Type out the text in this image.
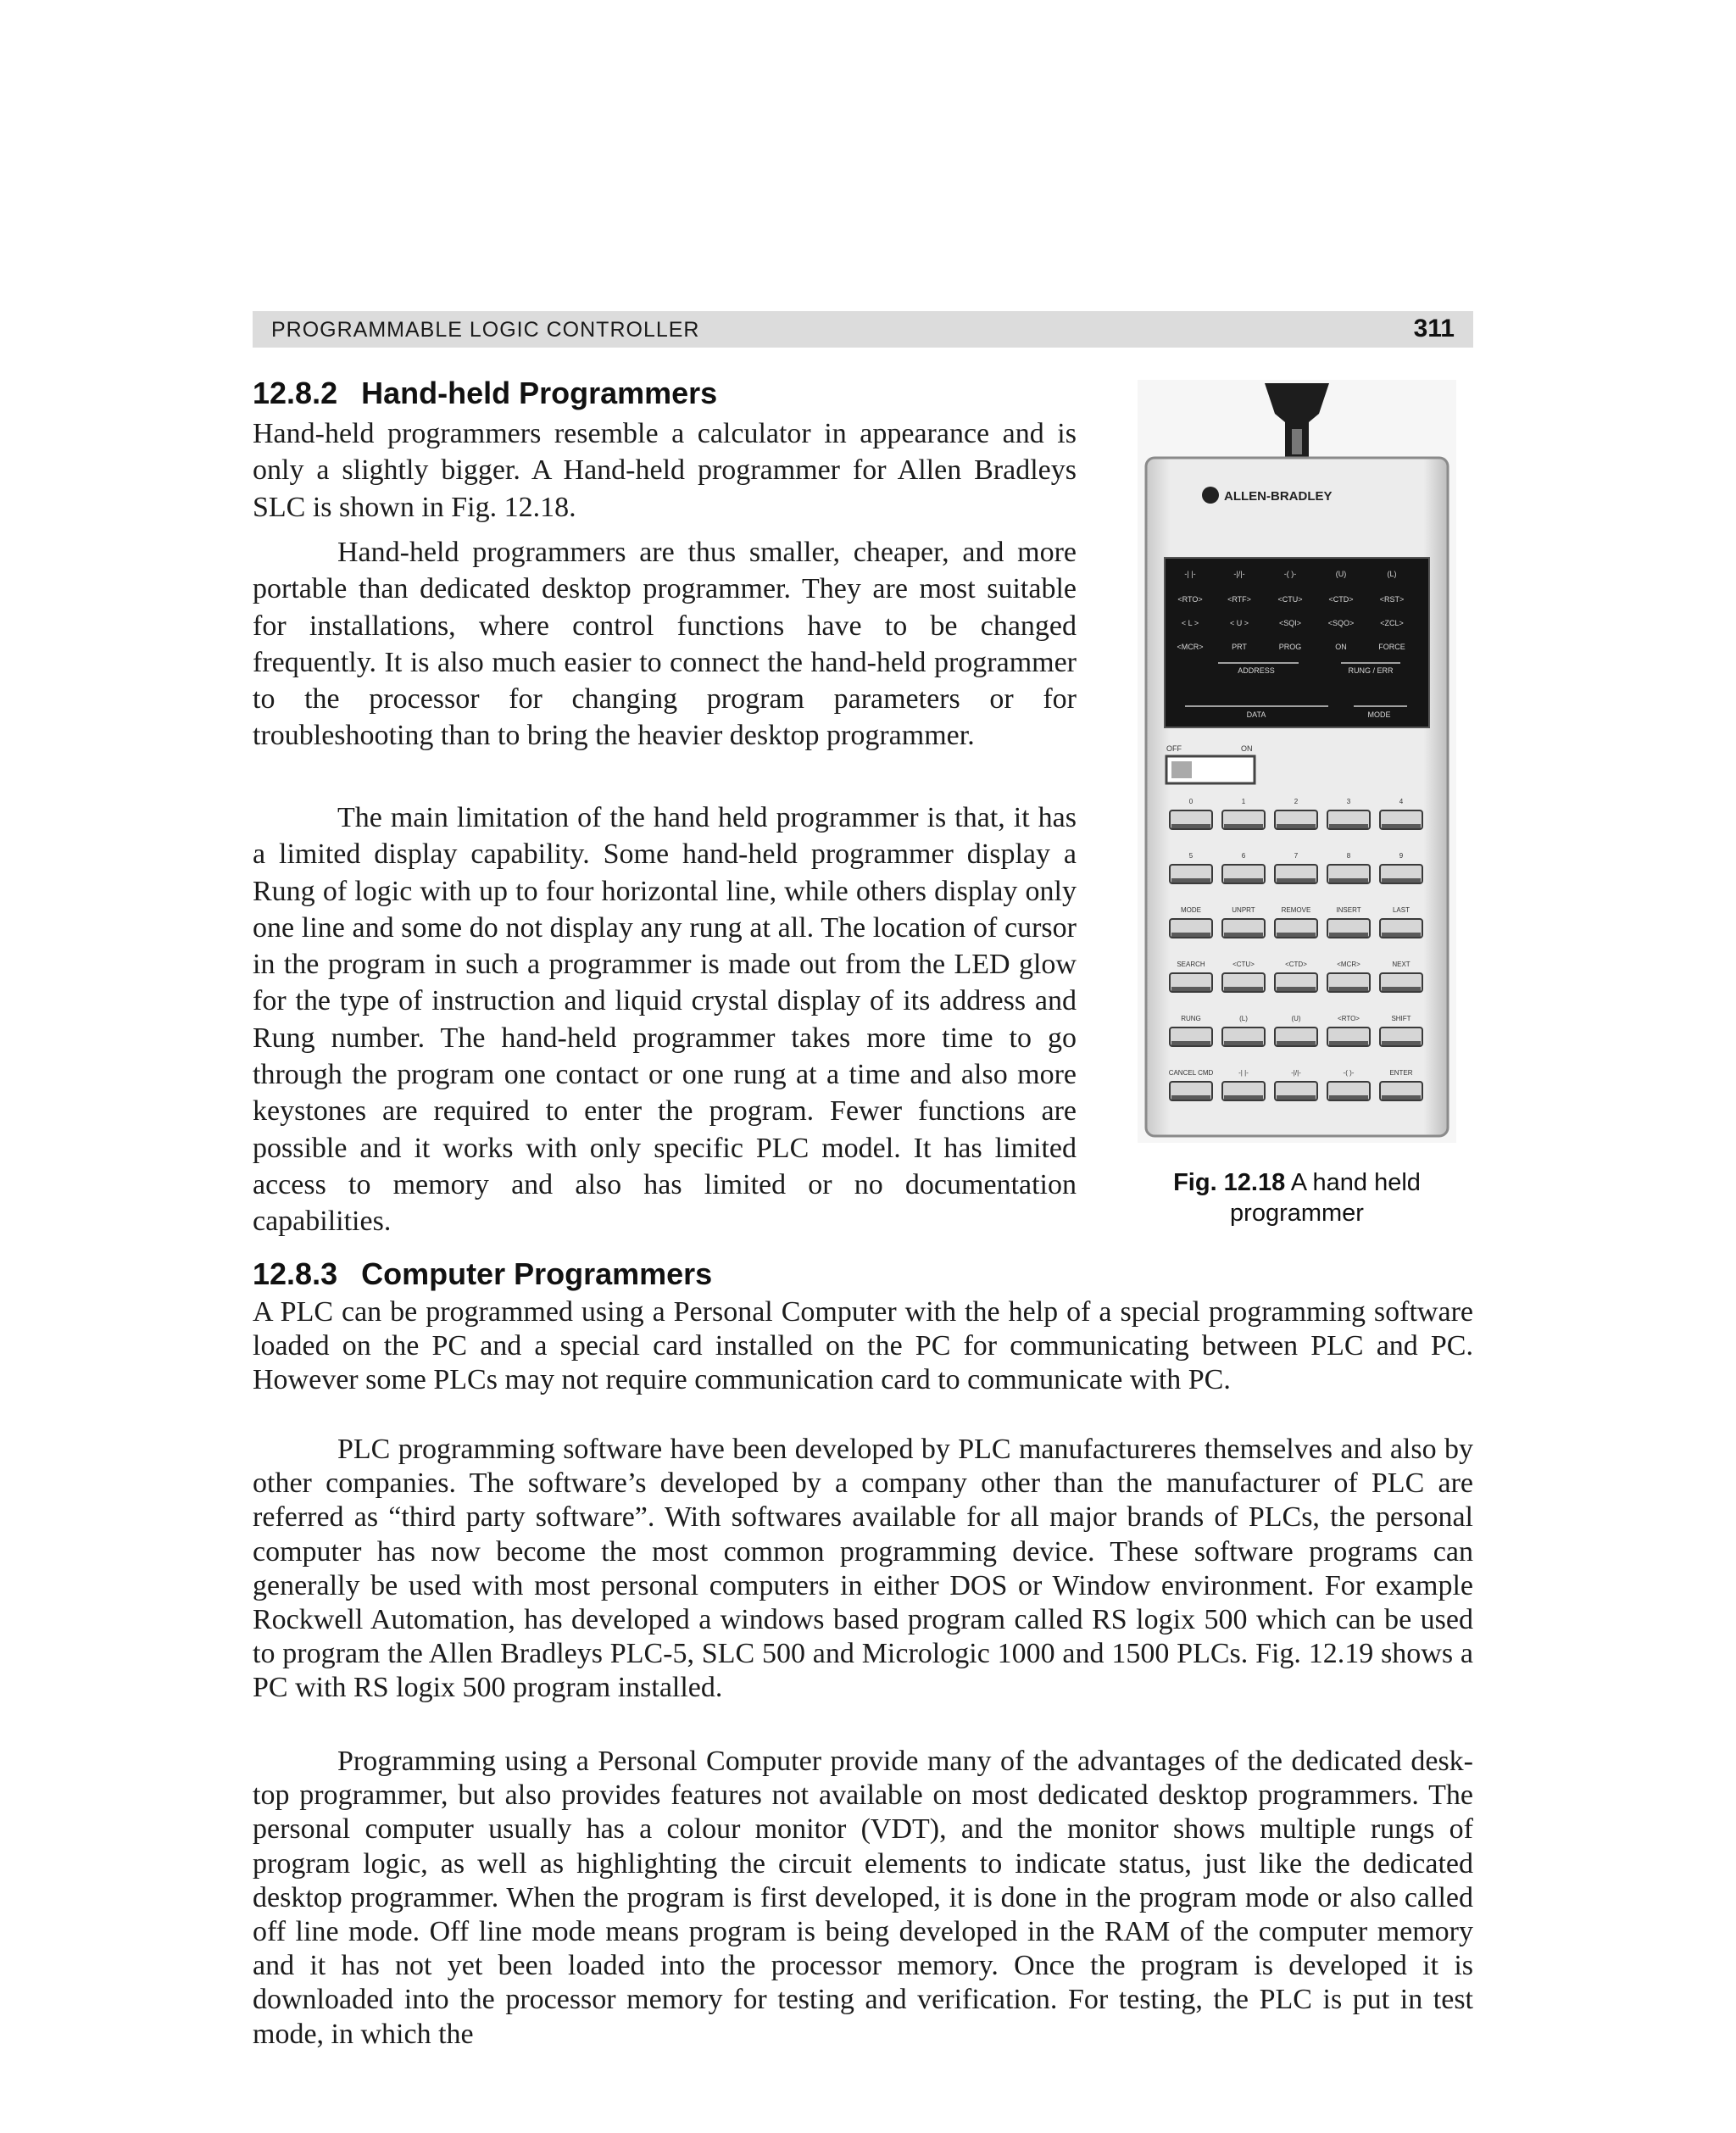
PROGRAMMABLE LOGIC CONTROLLER	311
12.8.2 Hand-held Programmers

Hand-held programmers resemble a calculator in appearance and is only a slightly bigger. A Hand-held programmer for Allen Bradleys SLC is shown in Fig. 12.18.

Hand-held programmers are thus smaller, cheaper, and more portable than dedicated desktop programmer. They are most suitable for installations, where control functions have to be changed frequently. It is also much easier to connect the hand-held programmer to the processor for changing program parameters or for troubleshooting than to bring the heavier desktop programmer.

The main limitation of the hand held programmer is that, it has a limited display capability. Some hand-held programmer display a Rung of logic with up to four horizontal line, while others display only one line and some do not display any rung at all. The location of cursor in the program in such a programmer is made out from the LED glow for the type of instruction and liquid crystal display of its address and Rung number. The hand-held programmer takes more time to go through the program one contact or one rung at a time and also more keystones are required to enter the program. Fewer functions are possible and it works with only specific PLC model. It has limited access to memory and also has limited or no documentation capabilities.

ALLEN-BRADLEY
-| |-	-|/|-	-( )-	(U)	(L)
<RTO>	<RTF>	<CTU>	<CTD>	<RST>
< L >	< U >	<SQI>	<SQO>	<ZCL>
<MCR>	PRT	PROG	ON	FORCE
ADDRESS	RUNG / ERR
DATA	MODE
OFF	ON
0	1	2	3	4
5	6	7	8	9
MODE	UNPRT	REMOVE	INSERT	LAST
SEARCH	<CTU>	<CTD>	<MCR>	NEXT
RUNG	(L)	(U)	<RTO>	SHIFT
CANCEL CMD	-| |-	-|/|-	-( )-	ENTER
Fig. 12.18 A hand held programmer
12.8.3 Computer Programmers

A PLC can be programmed using a Personal Computer with the help of a special programming software loaded on the PC and a special card installed on the PC for communicating between PLC and PC. However some PLCs may not require communication card to communicate with PC.

PLC programming software have been developed by PLC manufactureres themselves and also by other companies. The software’s developed by a company other than the manufacturer of PLC are referred as “third party software”. With softwares available for all major brands of PLCs, the personal computer has now become the most common programming device. These software programs can generally be used with most personal computers in either DOS or Window environment. For example Rockwell Automation, has developed a windows based program called RS logix 500 which can be used to program the Allen Bradleys PLC-5, SLC 500 and Micrologic 1000 and 1500 PLCs. Fig. 12.19 shows a PC with RS logix 500 program installed.

Programming using a Personal Computer provide many of the advantages of the dedicated desk-top programmer, but also provides features not available on most dedicated desktop programmers. The personal computer usually has a colour monitor (VDT), and the monitor shows multiple rungs of program logic, as well as highlighting the circuit elements to indicate status, just like the dedicated desktop programmer. When the program is first developed, it is done in the program mode or also called off line mode. Off line mode means program is being developed in the RAM of the computer memory and it has not yet been loaded into the processor memory. Once the program is developed it is downloaded into the processor memory for testing and verification. For testing, the PLC is put in test mode, in which the
